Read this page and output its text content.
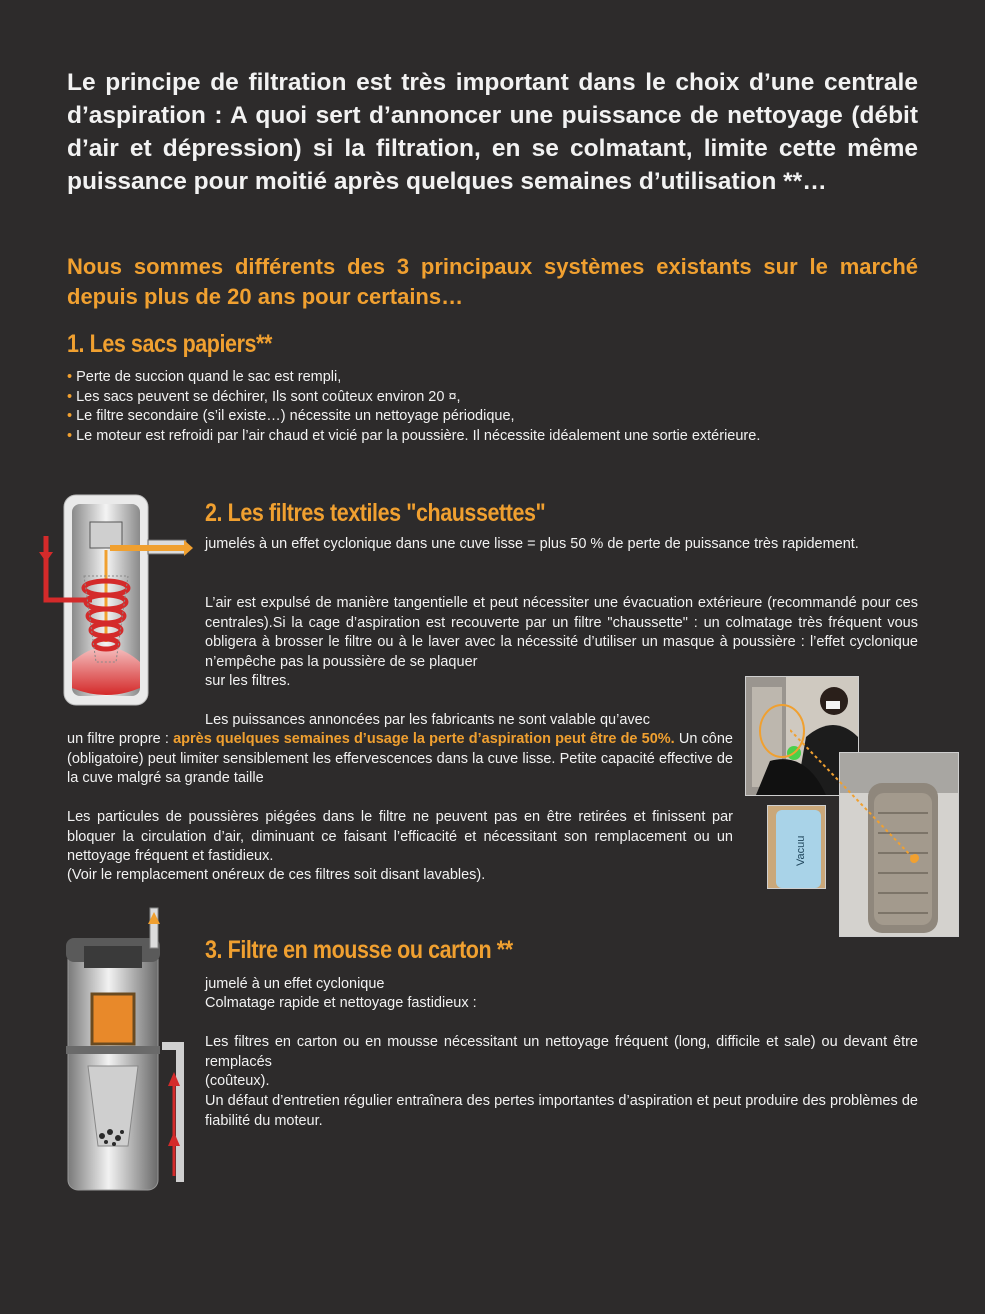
Le principe de filtration est très important dans le choix d’une centrale d’aspiration : A quoi sert d’annoncer une puissance de nettoyage (débit d’air et dépression) si la filtration, en se colmatant, limite cette même puissance pour moitié après quelques semaines d’utilisation **…
Nous sommes différents des 3 principaux systèmes existants sur le marché depuis plus de 20 ans pour certains…
1. Les sacs papiers**
• Perte de succion quand le sac est rempli,
• Les sacs peuvent se déchirer, Ils sont coûteux environ 20 ¤,
• Le filtre secondaire (s’il existe…) nécessite un nettoyage périodique,
• Le moteur est refroidi par l’air chaud et vicié par la poussière. Il nécessite idéalement une sortie extérieure.
2. Les filtres textiles "chaussettes"

jumelés à un effet cyclonique dans une cuve lisse = plus 50 % de perte de puissance très rapidement.

L’air est expulsé de manière tangentielle et peut nécessiter une évacuation extérieure (recommandé pour ces centrales).Si la cage d’aspiration est recouverte par un filtre "chaussette" : un colmatage très fréquent vous obligera à brosser le filtre ou à le laver avec la nécessité d’utiliser un masque à poussière : l’effet cyclonique n’empêche pas la poussière de se plaquer

sur les filtres.

Les puissances annoncées par les fabricants ne sont valable qu’avec

un filtre propre : après quelques semaines d’usage la perte d’aspiration peut être de 50%. Un cône (obligatoire) peut limiter sensiblement les effervescences dans la cuve lisse. Petite capacité effective de la cuve malgré sa grande taille

Les particules de poussières piégées dans le filtre ne peuvent pas en être retirées et finissent par bloquer la circulation d’air, diminuant ce faisant l’efficacité et nécessitant son remplacement ou un nettoyage fréquent et fastidieux.

(Voir le remplacement onéreux de ces filtres soit disant lavables).

Vacuu
3. Filtre en mousse ou carton **

jumelé à un effet cyclonique

Colmatage rapide et nettoyage fastidieux :

Les filtres en carton ou en mousse nécessitant un nettoyage fréquent (long, difficile et sale) ou devant être remplacés

(coûteux).

Un défaut d’entretien régulier entraînera des pertes importantes d’aspiration et peut produire des problèmes de fiabilité du moteur.
